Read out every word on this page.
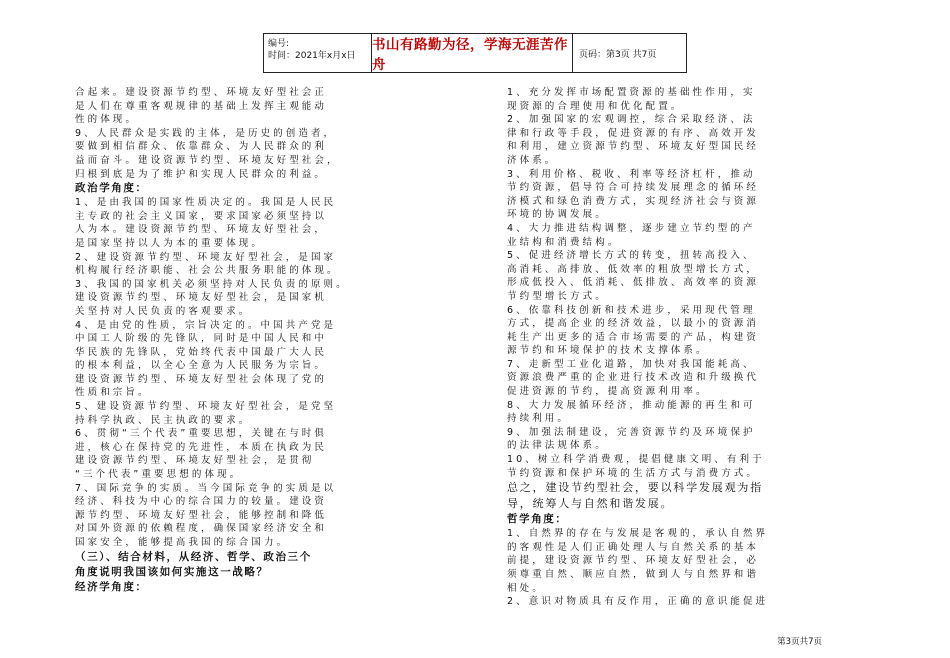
编号:
时间：2021年x月x日
书山有路勤为径，学海无涯苦作舟
页码：第3页 共7页

合起来。建设资源节约型、环境友好型社会正

是人们在尊重客观规律的基础上发挥主观能动

性的体现。

9、人民群众是实践的主体，是历史的创造者，

要做到相信群众、依靠群众、为人民群众的利

益而奋斗。建设资源节约型、环境友好型社会，

归根到底是为了维护和实现人民群众的利益。

政治学角度：

1、是由我国的国家性质决定的。我国是人民民

主专政的社会主义国家，要求国家必须坚持以

人为本。建设资源节约型、环境友好型社会，

是国家坚持以人为本的重要体现。

2、建设资源节约型、环境友好型社会，是国家

机构履行经济职能、社会公共服务职能的体现。

3、我国的国家机关必须坚持对人民负责的原则。

建设资源节约型、环境友好型社会，是国家机

关坚持对人民负责的客观要求。

4、是由党的性质，宗旨决定的。中国共产党是

中国工人阶级的先锋队，同时是中国人民和中

华民族的先锋队，党始终代表中国最广大人民

的根本利益，以全心全意为人民服务为宗旨。

建设资源节约型、环境友好型社会体现了党的

性质和宗旨。

5、建设资源节约型、环境友好型社会，是党坚

持科学执政、民主执政的要求。

6、贯彻“三个代表”重要思想，关键在与时俱

进，核心在保持党的先进性，本质在执政为民

建设资源节约型、环境友好型社会，是贯彻

“三个代表”重要思想的体现。

7、国际竞争的实质。当今国际竞争的实质是以

经济、科技为中心的综合国力的较量。建设资

源节约型、环境友好型社会，能够控制和降低

对国外资源的依赖程度，确保国家经济安全和

国家安全，能够提高我国的综合国力。

（三）、结合材料，从经济、哲学、政治三个

角度说明我国该如何实施这一战略？

经济学角度：

1、充分发挥市场配置资源的基础性作用，实

现资源的合理使用和优化配置。

2、加强国家的宏观调控，综合采取经济、法

律和行政等手段，促进资源的有序、高效开发

和利用，建立资源节约型、环境友好型国民经

济体系。

3、利用价格、税收、利率等经济杠杆，推动

节约资源，倡导符合可持续发展理念的循环经

济模式和绿色消费方式，实现经济社会与资源

环境的协调发展。

4、大力推进结构调整，逐步建立节约型的产

业结构和消费结构。

5、促进经济增长方式的转变，扭转高投入、

高消耗、高排放、低效率的粗放型增长方式，

形成低投入、低消耗、低排放、高效率的资源

节约型增长方式。

6、依靠科技创新和技术进步，采用现代管理

方式，提高企业的经济效益，以最小的资源消

耗生产出更多的适合市场需要的产品，构建资

源节约和环境保护的技术支撑体系。

7、走新型工业化道路，加快对我国能耗高、

资源浪费严重的企业进行技术改造和升级换代

促进资源的节约，提高资源利用率。

8、大力发展循环经济，推动能源的再生和可

持续利用。

9、加强法制建设，完善资源节约及环境保护

的法律法规体系。

10、树立科学消费观，提倡健康文明、有利于

节约资源和保护环境的生活方式与消费方式。

总之，建设节约型社会，要以科学发展观为指

导，统筹人与自然和谐发展。

哲学角度：

1、自然界的存在与发展是客观的，承认自然界

的客观性是人们正确处理人与自然关系的基本

前提，建设资源节约型、环境友好型社会，必

须尊重自然、顺应自然，做到人与自然界和谐

相处。

2、意识对物质具有反作用，正确的意识能促进

第3页共7页
